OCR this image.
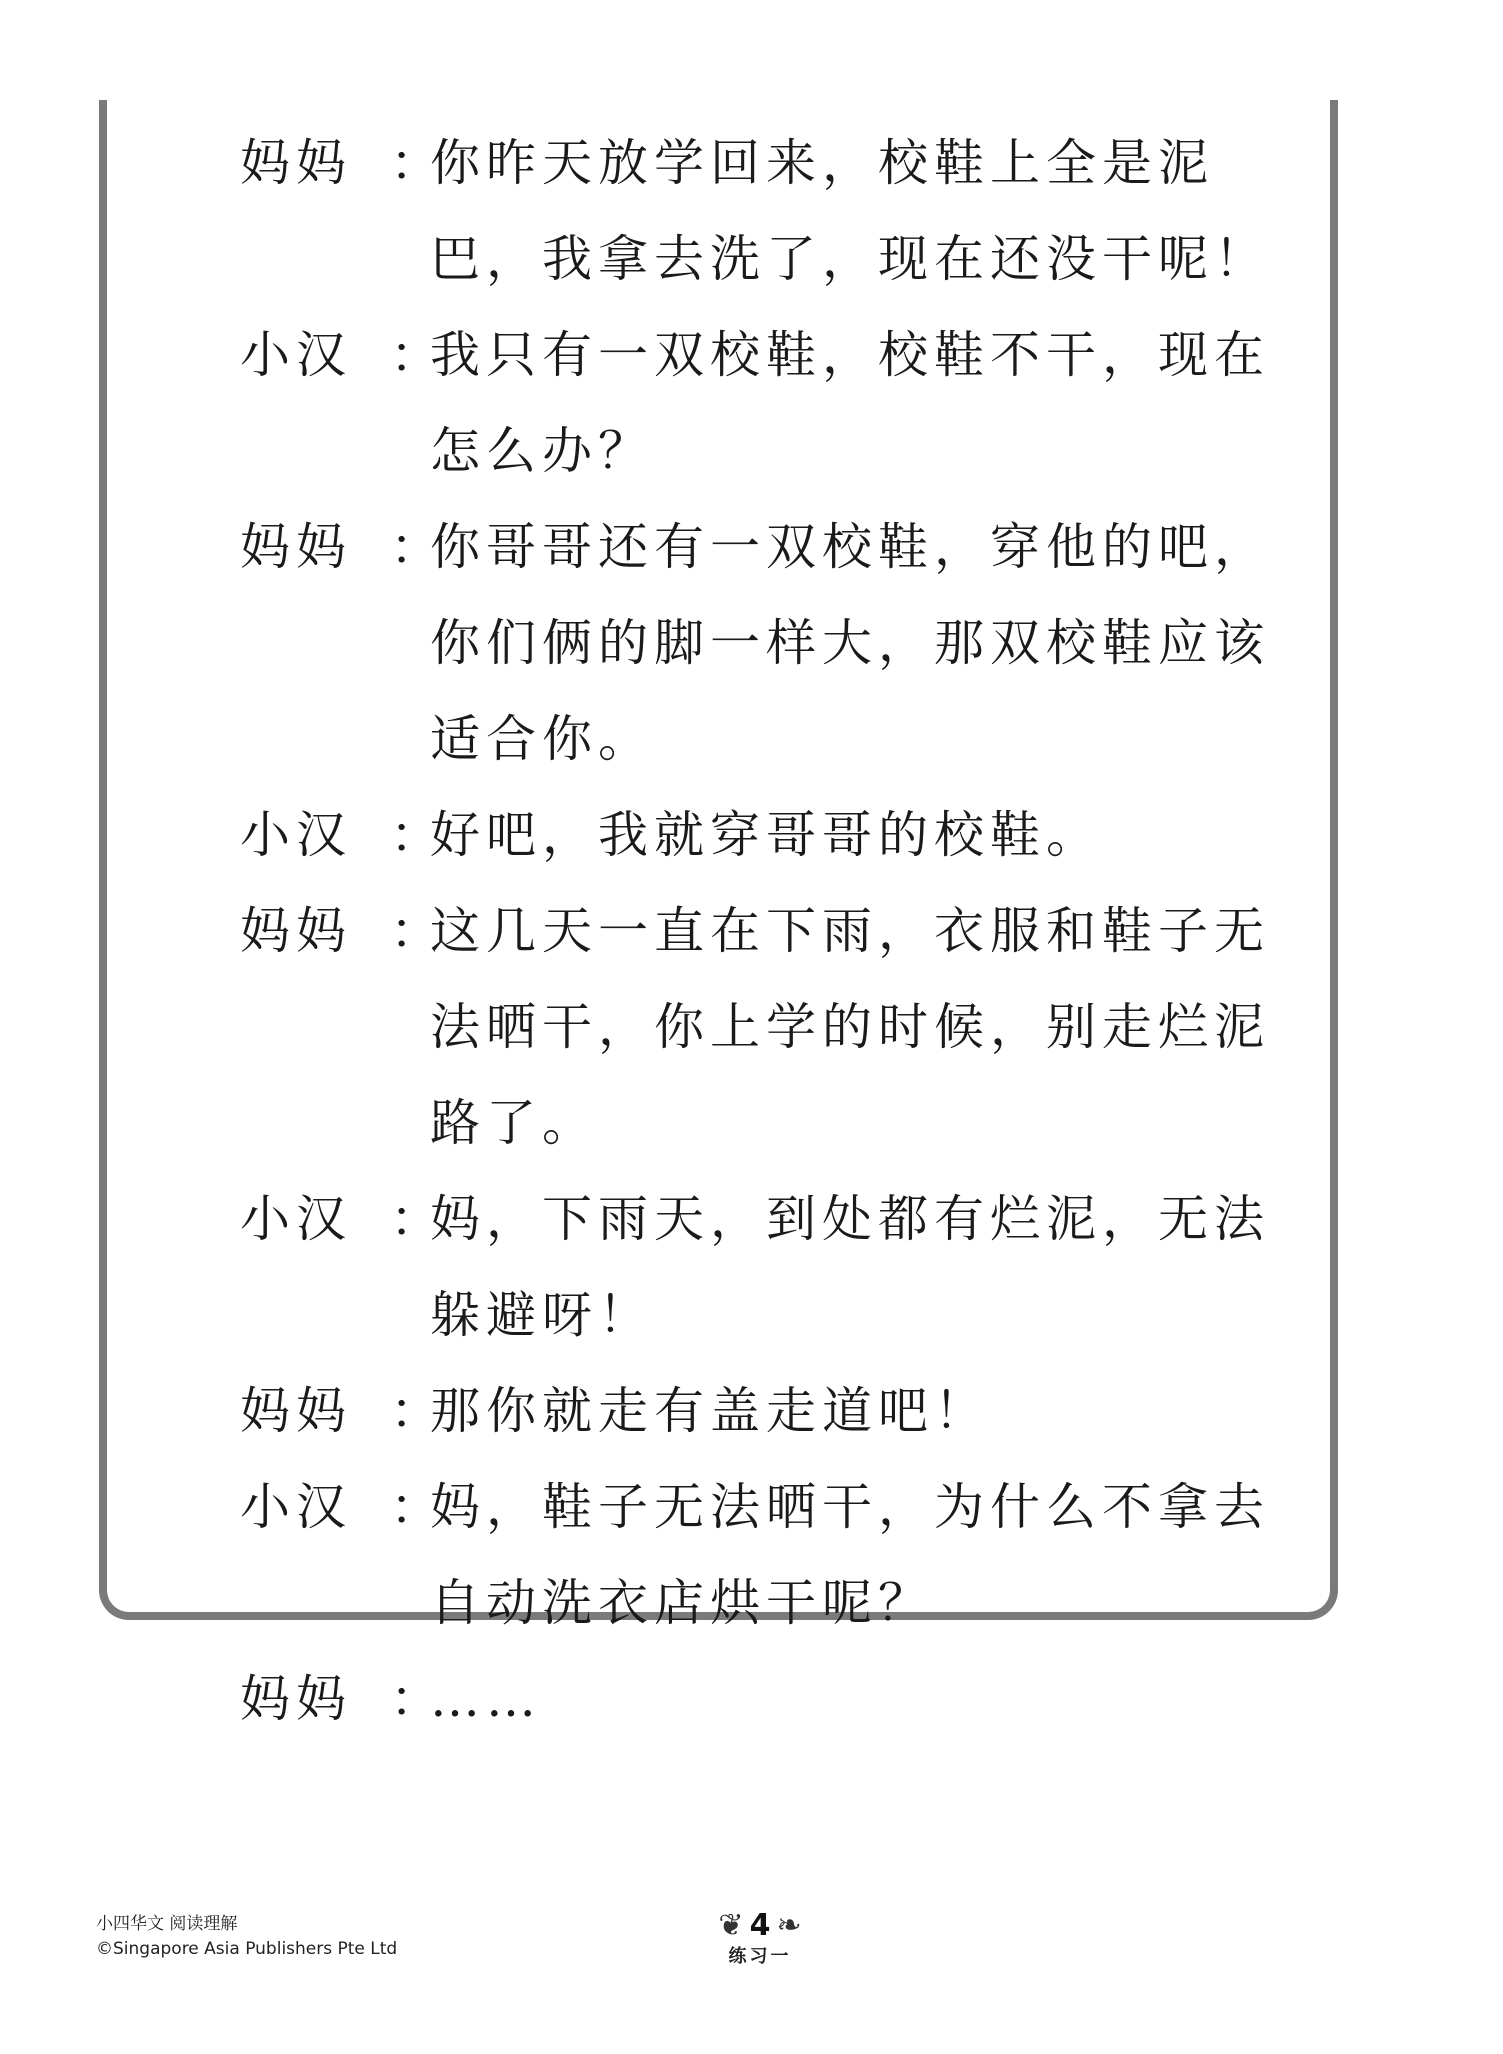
妈妈 ：
你昨天放学回来，校鞋上全是泥巴，我拿去洗了，现在还没干呢！
小汉 ：
我只有一双校鞋，校鞋不干，现在怎么办？
妈妈 ：
你哥哥还有一双校鞋，穿他的吧，你们俩的脚一样大，那双校鞋应该适合你。
小汉 ：
好吧，我就穿哥哥的校鞋。
妈妈 ：
这几天一直在下雨，衣服和鞋子无法晒干，你上学的时候，别走烂泥路了。
小汉 ：
妈，下雨天，到处都有烂泥，无法躲避呀！
妈妈 ：
那你就走有盖走道吧！
小汉 ：
妈，鞋子无法晒干，为什么不拿去自动洗衣店烘干呢？
妈妈 ：
……
小四华文 阅读理解
©Singapore Asia Publishers Pte Ltd
❦ 4 ❧
练习一
